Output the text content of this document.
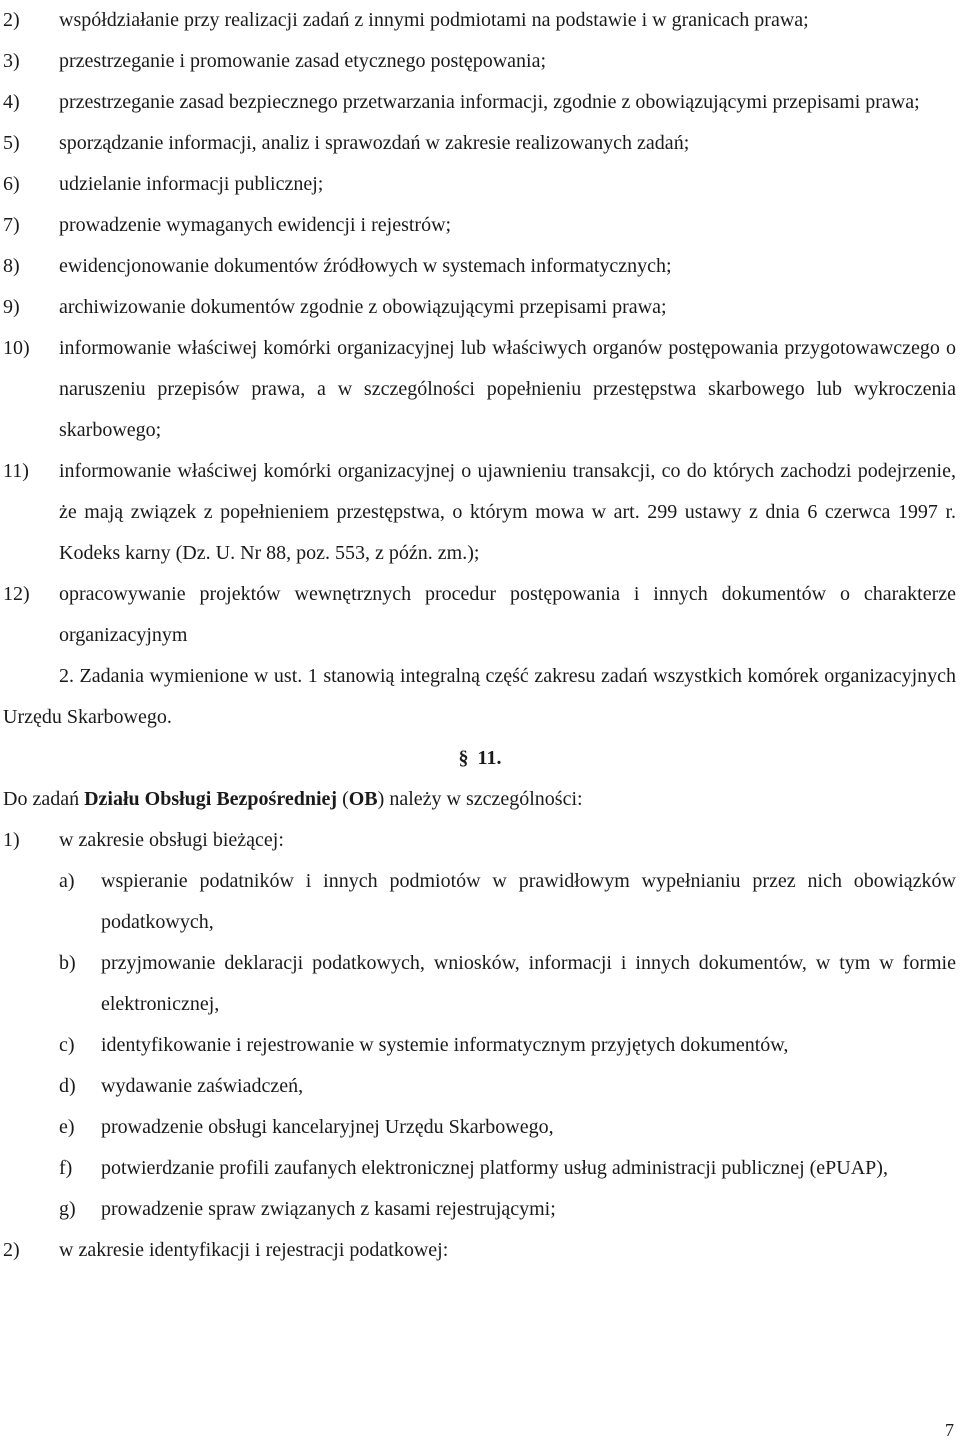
2) współdziałanie przy realizacji zadań z innymi podmiotami na podstawie i w granicach prawa;
3) przestrzeganie i promowanie zasad etycznego postępowania;
4) przestrzeganie zasad bezpiecznego przetwarzania informacji, zgodnie z obowiązującymi przepisami prawa;
5) sporządzanie informacji, analiz i sprawozdań w zakresie realizowanych zadań;
6) udzielanie informacji publicznej;
7) prowadzenie wymaganych ewidencji i rejestrów;
8) ewidencjonowanie dokumentów źródłowych w systemach informatycznych;
9) archiwizowanie dokumentów zgodnie z obowiązującymi przepisami prawa;
10) informowanie właściwej komórki organizacyjnej lub właściwych organów postępowania przygotowawczego o naruszeniu przepisów prawa, a w szczególności popełnieniu przestępstwa skarbowego lub wykroczenia skarbowego;
11) informowanie właściwej komórki organizacyjnej o ujawnieniu transakcji, co do których zachodzi podejrzenie, że mają związek z popełnieniem przestępstwa, o którym mowa w art. 299 ustawy z dnia 6 czerwca 1997 r. Kodeks karny (Dz. U. Nr 88, poz. 553, z późn. zm.);
12) opracowywanie projektów wewnętrznych procedur postępowania i innych dokumentów o charakterze organizacyjnym
2. Zadania wymienione w ust. 1 stanowią integralną część zakresu zadań wszystkich komórek organizacyjnych Urzędu Skarbowego.
§ 11.
Do zadań Działu Obsługi Bezpośredniej (OB) należy w szczególności:
1) w zakresie obsługi bieżącej:
a) wspieranie podatników i innych podmiotów w prawidłowym wypełnianiu przez nich obowiązków podatkowych,
b) przyjmowanie deklaracji podatkowych, wniosków, informacji i innych dokumentów, w tym w formie elektronicznej,
c) identyfikowanie i rejestrowanie w systemie informatycznym przyjętych dokumentów,
d) wydawanie zaświadczeń,
e) prowadzenie obsługi kancelaryjnej Urzędu Skarbowego,
f) potwierdzanie profili zaufanych elektronicznej platformy usług administracji publicznej (ePUAP),
g) prowadzenie spraw związanych z kasami rejestrującymi;
2) w zakresie identyfikacji i rejestracji podatkowej:
7
